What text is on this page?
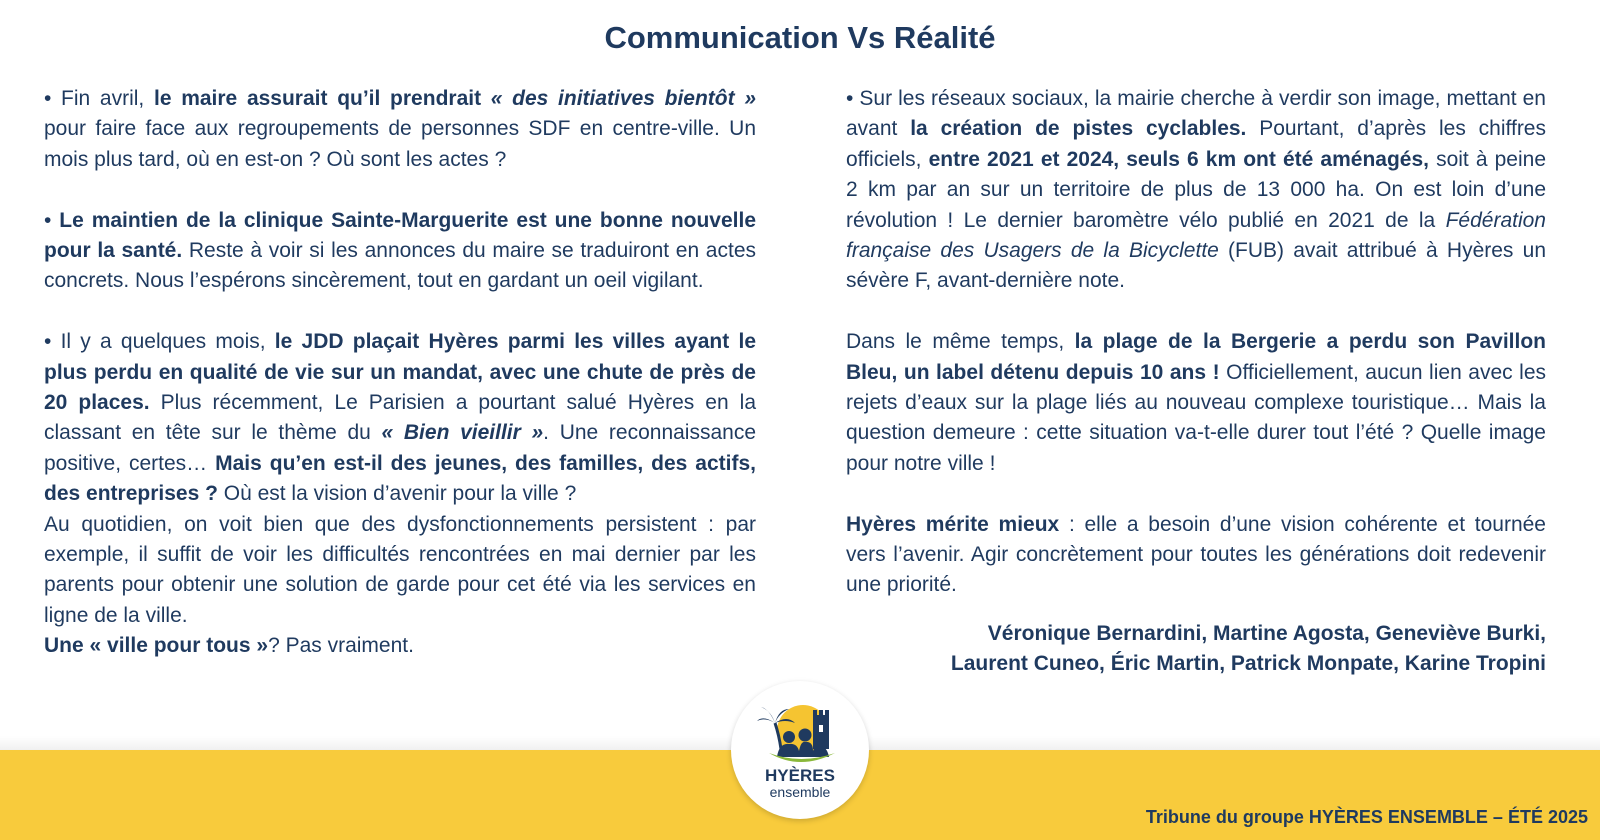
Communication Vs Réalité

• Fin avril, le maire assurait qu’il prendrait « des initiatives bientôt » pour faire face aux regroupements de personnes SDF en centre-ville. Un mois plus tard, où en est-on ? Où sont les actes ?

• Le maintien de la clinique Sainte-Marguerite est une bonne nouvelle pour la santé. Reste à voir si les annonces du maire se traduiront en actes concrets. Nous l’espérons sincèrement, tout en gardant un oeil vigilant.

• Il y a quelques mois, le JDD plaçait Hyères parmi les villes ayant le plus perdu en qualité de vie sur un mandat, avec une chute de près de 20 places. Plus récemment, Le Parisien a pourtant salué Hyères en la classant en tête sur le thème du « Bien vieillir ». Une reconnaissance positive, certes… Mais qu’en est-il des jeunes, des familles, des actifs, des entreprises ? Où est la vision d’avenir pour la ville ?

Au quotidien, on voit bien que des dysfonctionnements persistent : par exemple, il suffit de voir les difficultés rencontrées en mai dernier par les parents pour obtenir une solution de garde pour cet été via les services en ligne de la ville.

Une « ville pour tous »? Pas vraiment.

• Sur les réseaux sociaux, la mairie cherche à verdir son image, mettant en avant la création de pistes cyclables. Pourtant, d’après les chiffres officiels, entre 2021 et 2024, seuls 6 km ont été aménagés, soit à peine 2 km par an sur un territoire de plus de 13 000 ha. On est loin d’une révolution ! Le dernier baromètre vélo publié en 2021 de la Fédération française des Usagers de la Bicyclette (FUB) avait attribué à Hyères un sévère F, avant-dernière note.

Dans le même temps, la plage de la Bergerie a perdu son Pavillon Bleu, un label détenu depuis 10 ans ! Officiellement, aucun lien avec les rejets d’eaux sur la plage liés au nouveau complexe touristique… Mais la question demeure : cette situation va-t-elle durer tout l’été ? Quelle image pour notre ville !

Hyères mérite mieux : elle a besoin d’une vision cohérente et tournée vers l’avenir. Agir concrètement pour toutes les générations doit redevenir une priorité.

Véronique Bernardini, Martine Agosta, Geneviève Burki,
Laurent Cuneo, Éric Martin, Patrick Monpate, Karine Tropini

Tribune du groupe HYÈRES ENSEMBLE – ÉTÉ 2025
HYÈRES
ensemble
